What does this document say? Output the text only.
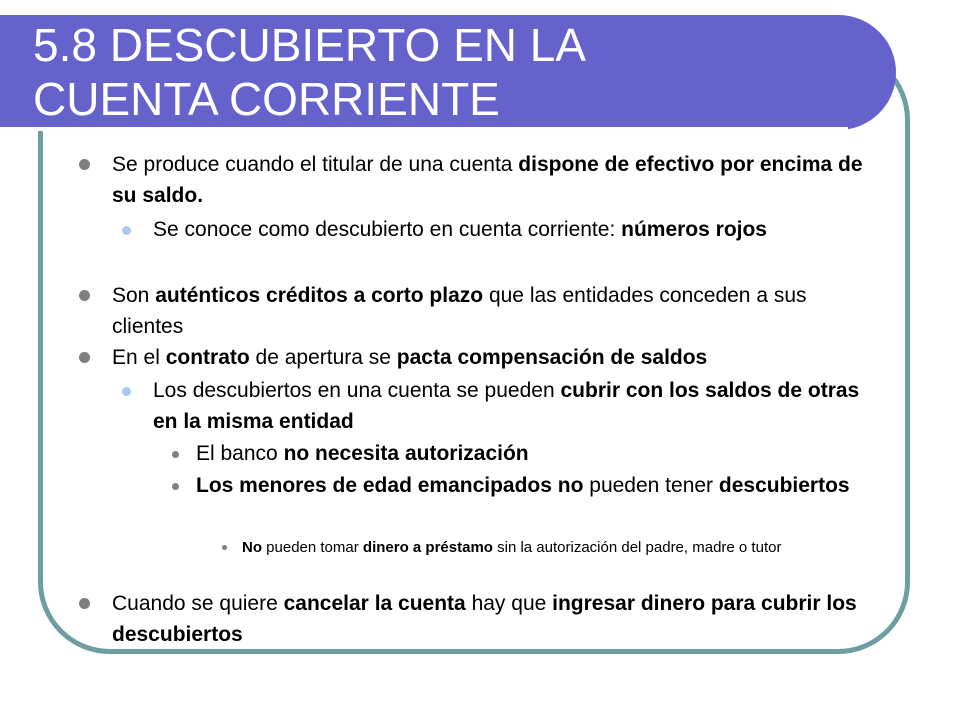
5.8 DESCUBIERTO EN LA
CUENTA CORRIENTE
Se produce cuando el titular de una cuenta dispone de efectivo por encima de su saldo.
Se conoce como descubierto en cuenta corriente: números rojos
Son auténticos créditos a corto plazo que las entidades conceden a sus clientes
En el contrato de apertura se pacta compensación de saldos
Los descubiertos en una cuenta se pueden cubrir con los saldos de otras en la misma entidad
El banco no necesita autorización
Los menores de edad emancipados no pueden tener descubiertos
No pueden tomar dinero a préstamo sin la autorización del padre, madre o tutor
Cuando se quiere cancelar la cuenta hay que ingresar dinero para cubrir los descubiertos
